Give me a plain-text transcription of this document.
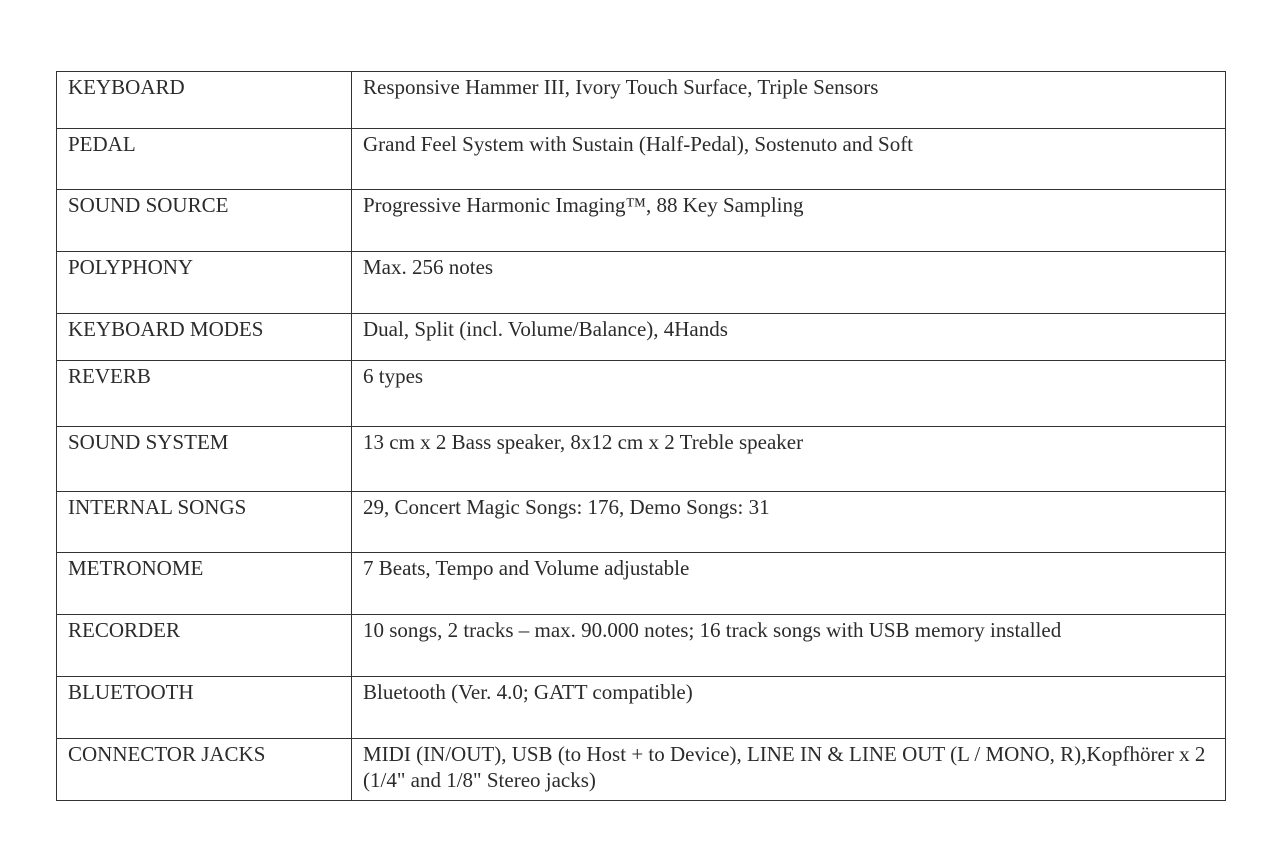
KEYBOARD	Responsive Hammer III, Ivory Touch Surface, Triple Sensors
PEDAL	Grand Feel System with Sustain (Half-Pedal), Sostenuto and Soft
SOUND SOURCE	Progressive Harmonic Imaging™, 88 Key Sampling
POLYPHONY	Max. 256 notes
KEYBOARD MODES	Dual, Split (incl. Volume/Balance), 4Hands
REVERB	6 types
SOUND SYSTEM	13 cm x 2 Bass speaker, 8x12 cm x 2 Treble speaker
INTERNAL SONGS	29, Concert Magic Songs: 176, Demo Songs: 31
METRONOME	7 Beats, Tempo and Volume adjustable
RECORDER	10 songs, 2 tracks – max. 90.000 notes; 16 track songs with USB memory installed
BLUETOOTH	Bluetooth (Ver. 4.0; GATT compatible)
CONNECTOR JACKS	MIDI (IN/OUT), USB (to Host + to Device), LINE IN & LINE OUT (L / MONO, R),Kopfhörer x 2 (1/4" and 1/8" Stereo jacks)
